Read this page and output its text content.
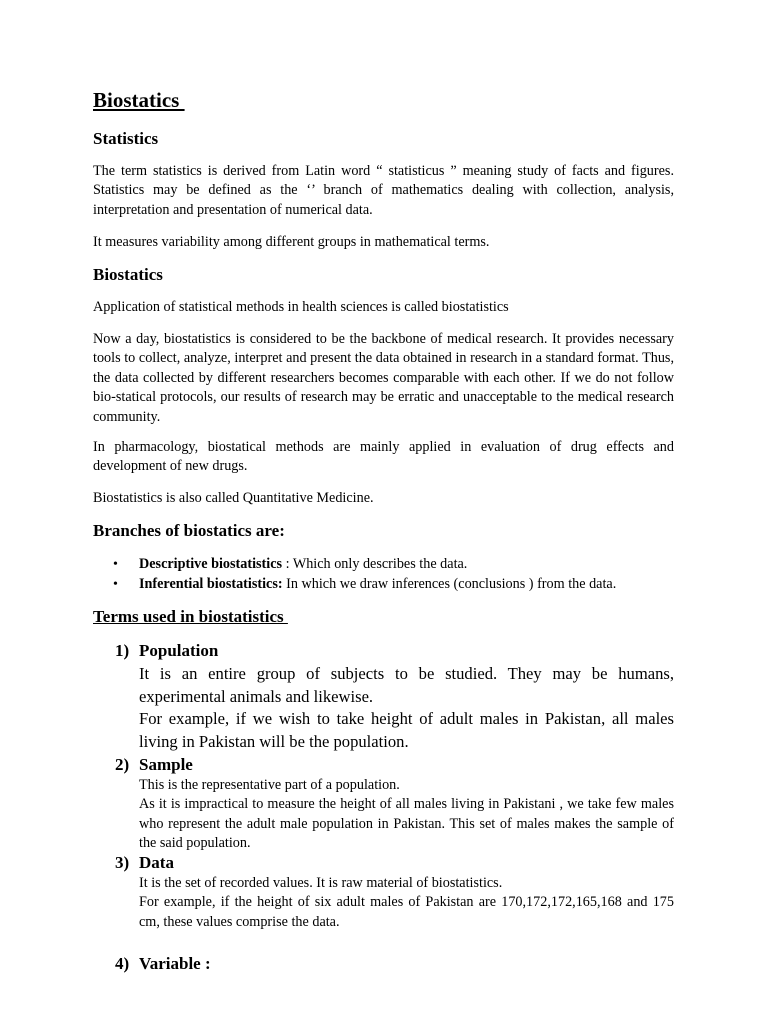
Biostatics
Statistics

The term statistics is derived from Latin word “ statisticus ” meaning study of facts and figures. Statistics may be defined as the ‘’ branch of mathematics dealing with collection, analysis, interpretation and presentation of numerical data.

It measures variability among different groups in mathematical terms.

Biostatics

Application of statistical methods in health sciences is called biostatistics

Now a day, biostatistics is considered to be the backbone of medical research. It provides necessary tools to collect, analyze, interpret and present the data obtained in research in a standard format. Thus, the data collected by different researchers becomes comparable with each other. If we do not follow bio-statical protocols, our results of research may be erratic and unacceptable to the medical research community.

In pharmacology, biostatical methods are mainly applied in evaluation of drug effects and development of new drugs.

Biostatistics is also called Quantitative Medicine.

Branches of biostatics are:
• Descriptive biostatistics : Which only describes the data.
• Inferential biostatistics: In which we draw inferences (conclusions ) from the data.
Terms used in biostatistics
1) Population

It is an entire group of subjects to be studied. They may be humans, experimental animals and likewise.

For example, if we wish to take height of adult males in Pakistan, all males living in Pakistan will be the population.

2) Sample

This is the representative part of a population.

As it is impractical to measure the height of all males living in Pakistani , we take few males who represent the adult male population in Pakistan. This set of males makes the sample of the said population.

3) Data

It is the set of recorded values. It is raw material of biostatistics.

For example, if the height of six adult males of Pakistan are 170,172,172,165,168 and 175 cm, these values comprise the data.

4) Variable :
